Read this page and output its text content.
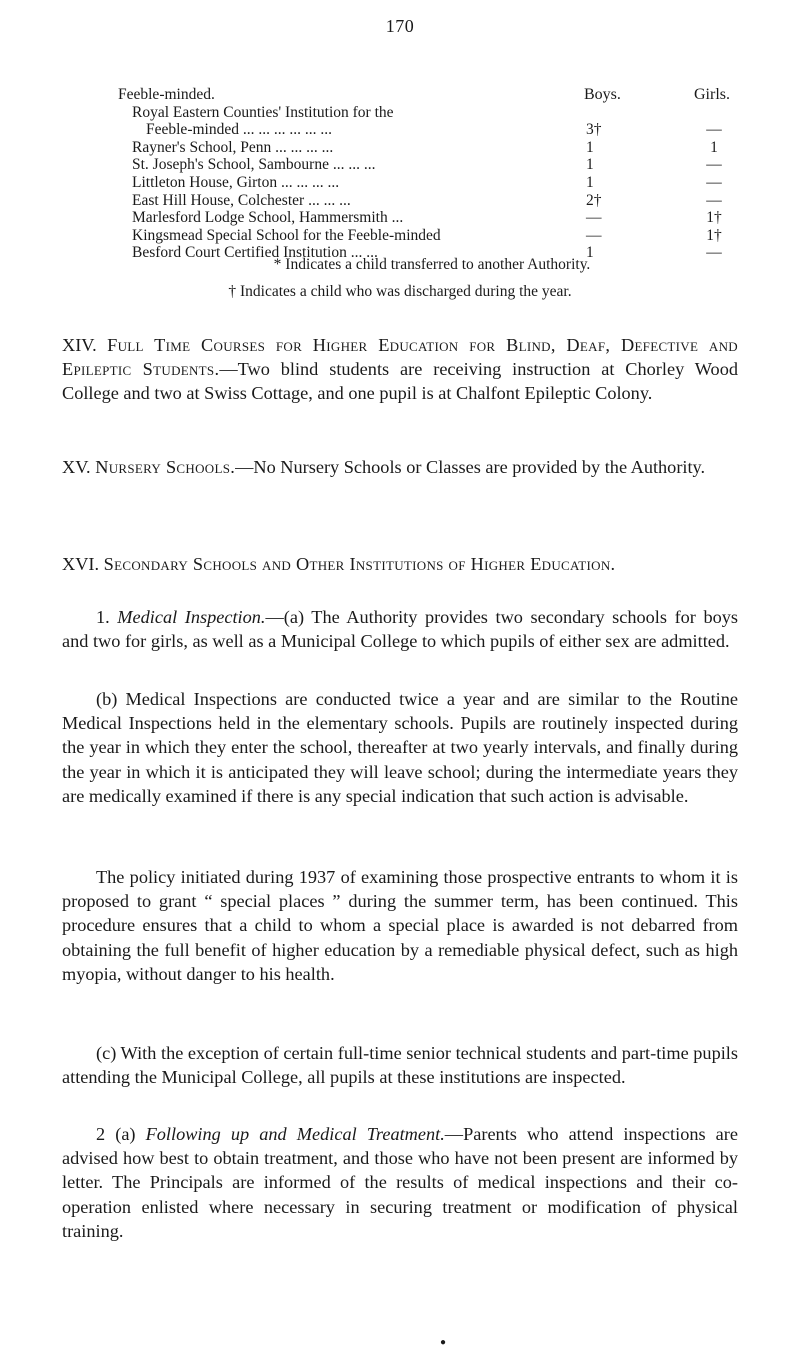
170
Feeble-minded.	Boys.	Girls.
Royal Eastern Counties' Institution for the
Feeble-minded ... ... ... ... ... ...	3†	—
Rayner's School, Penn ... ... ... ...	1	1
St. Joseph's School, Sambourne ... ... ...	1	—
Littleton House, Girton ... ... ... ...	1	—
East Hill House, Colchester ... ... ...	2†	—
Marlesford Lodge School, Hammersmith ...	—	1†
Kingsmead Special School for the Feeble-minded	—	1†
Besford Court Certified Institution ... ...	1	—
* Indicates a child transferred to another Authority.
† Indicates a child who was discharged during the year.
XIV. Full Time Courses for Higher Education for Blind, Deaf, Defective and Epileptic Students.—Two blind students are receiving instruction at Chorley Wood College and two at Swiss Cottage, and one pupil is at Chalfont Epileptic Colony.
XV. Nursery Schools.—No Nursery Schools or Classes are provided by the Authority.
XVI. Secondary Schools and Other Institutions of Higher Education.
1. Medical Inspection.—(a) The Authority provides two secondary schools for boys and two for girls, as well as a Municipal College to which pupils of either sex are admitted.
(b) Medical Inspections are conducted twice a year and are similar to the Routine Medical Inspections held in the elementary schools. Pupils are routinely inspected during the year in which they enter the school, thereafter at two yearly intervals, and finally during the year in which it is anticipated they will leave school; during the intermediate years they are medically examined if there is any special indication that such action is advisable.
The policy initiated during 1937 of examining those prospective entrants to whom it is proposed to grant “ special places ” during the summer term, has been continued. This procedure ensures that a child to whom a special place is awarded is not debarred from obtaining the full benefit of higher education by a remediable physical defect, such as high myopia, without danger to his health.
(c) With the exception of certain full-time senior technical students and part-time pupils attending the Municipal College, all pupils at these institutions are inspected.
2 (a) Following up and Medical Treatment.—Parents who attend inspections are advised how best to obtain treatment, and those who have not been present are informed by letter. The Principals are informed of the results of medical inspections and their co-operation enlisted where necessary in securing treatment or modification of physical training.
●
